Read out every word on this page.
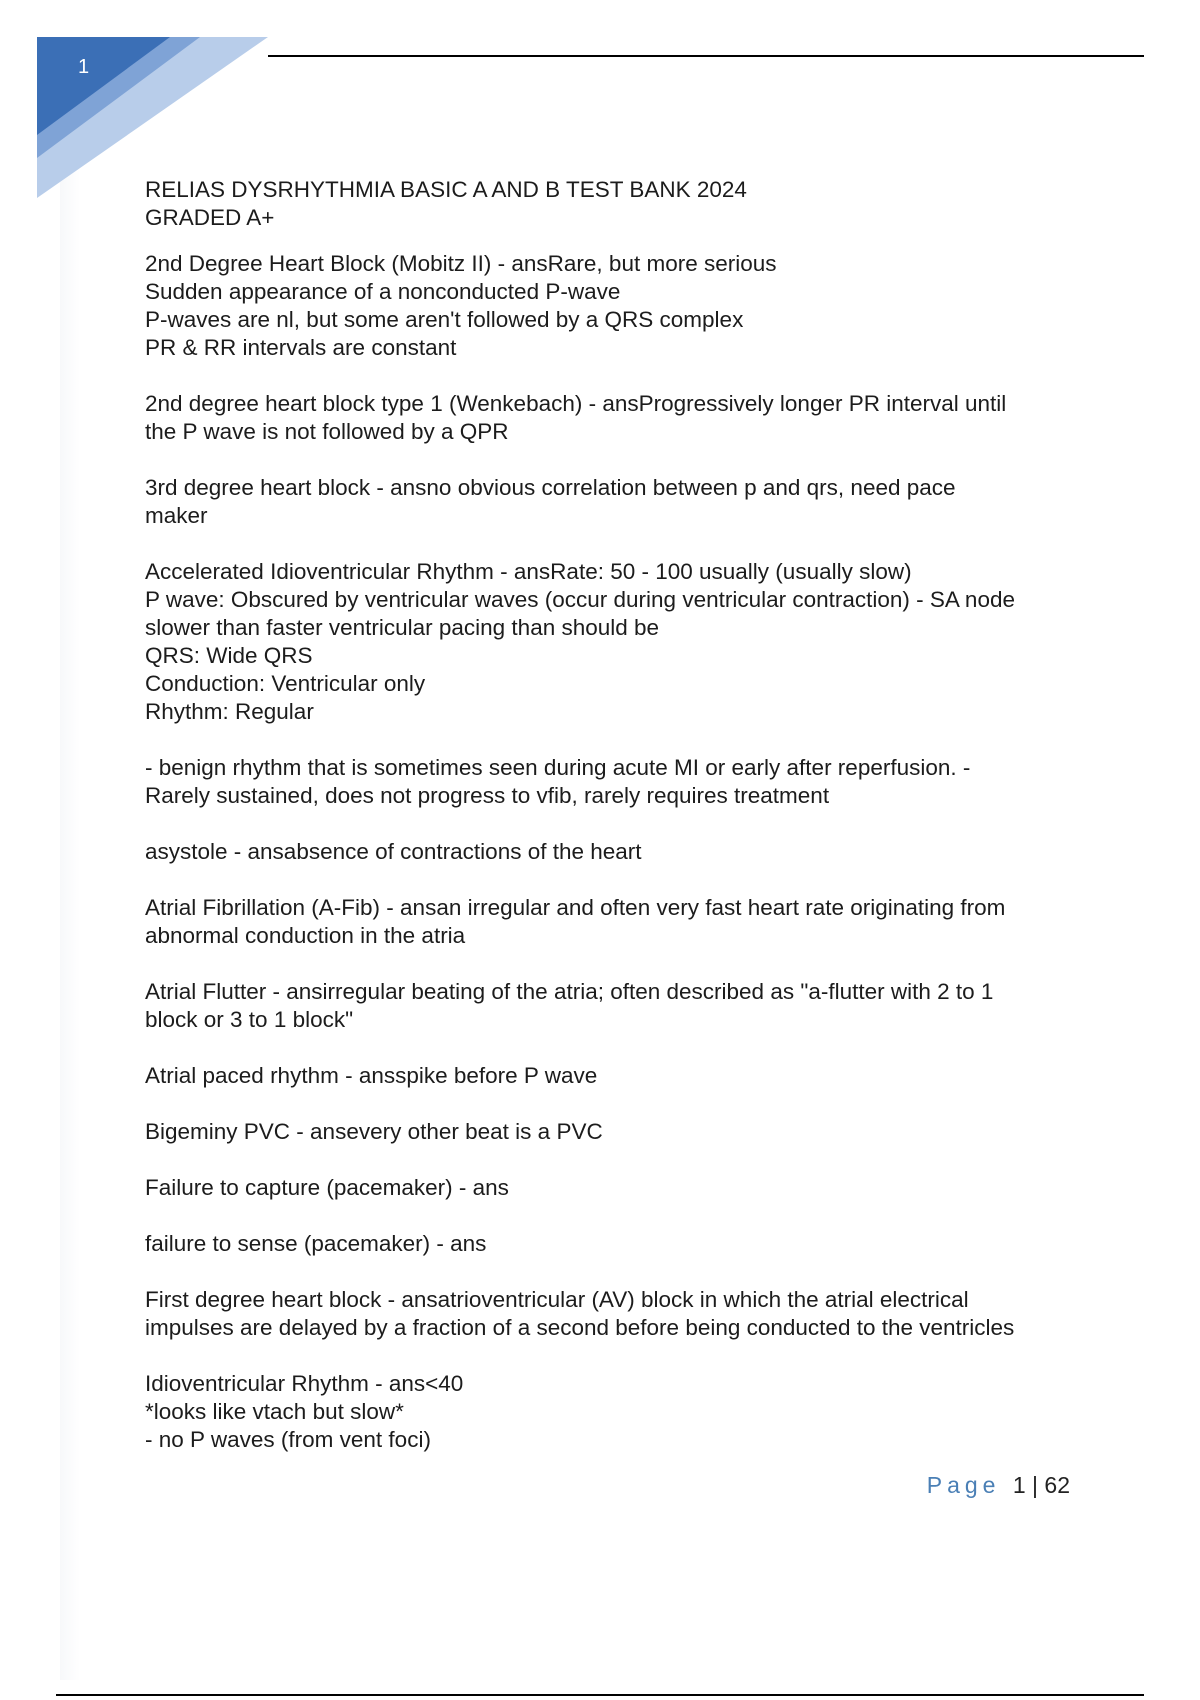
1
RELIAS DYSRHYTHMIA BASIC A AND B TEST BANK 2024
GRADED A+
2nd Degree Heart Block (Mobitz II) - ansRare, but more serious
Sudden appearance of a nonconducted P-wave
P-waves are nl, but some aren't followed by a QRS complex
PR & RR intervals are constant
2nd degree heart block type 1 (Wenkebach) - ansProgressively longer PR interval until
the P wave is not followed by a QPR
3rd degree heart block - ansno obvious correlation between p and qrs, need pace
maker
Accelerated Idioventricular Rhythm - ansRate: 50 - 100 usually (usually slow)
P wave: Obscured by ventricular waves (occur during ventricular contraction) - SA node
slower than faster ventricular pacing than should be
QRS: Wide QRS
Conduction: Ventricular only
Rhythm: Regular
- benign rhythm that is sometimes seen during acute MI or early after reperfusion. -
Rarely sustained, does not progress to vfib, rarely requires treatment
asystole - ansabsence of contractions of the heart
Atrial Fibrillation (A-Fib) - ansan irregular and often very fast heart rate originating from
abnormal conduction in the atria
Atrial Flutter - ansirregular beating of the atria; often described as "a-flutter with 2 to 1
block or 3 to 1 block"
Atrial paced rhythm - ansspike before P wave
Bigeminy PVC - ansevery other beat is a PVC
Failure to capture (pacemaker) - ans
failure to sense (pacemaker) - ans
First degree heart block - ansatrioventricular (AV) block in which the atrial electrical
impulses are delayed by a fraction of a second before being conducted to the ventricles
Idioventricular Rhythm - ans<40
*looks like vtach but slow*
- no P waves (from vent foci)
Page 1 | 62
